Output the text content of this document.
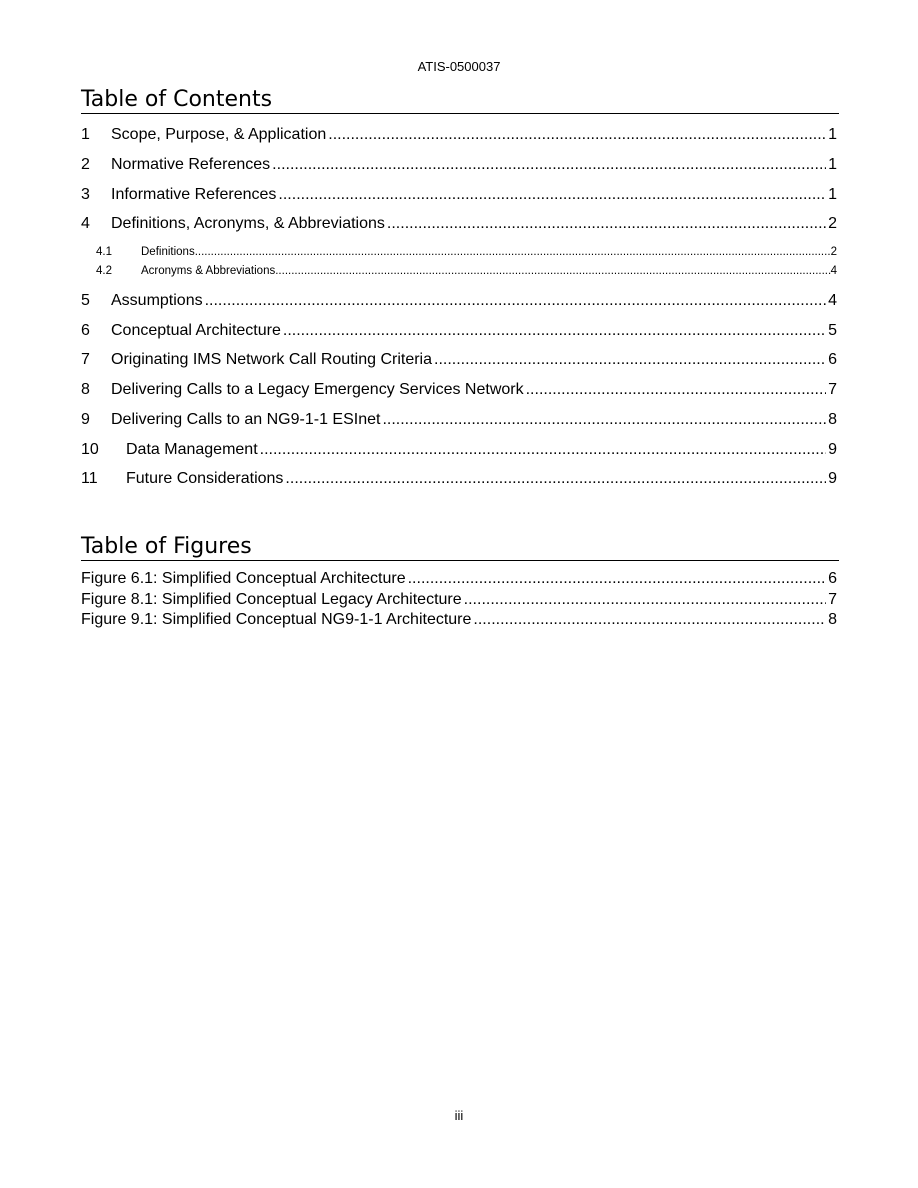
ATIS-0500037
Table of Contents
1	Scope, Purpose, & Application .....	1
2	Normative References .....	1
3	Informative References .....	1
4	Definitions, Acronyms, & Abbreviations .....	2
4.1	Definitions .....	2
4.2	Acronyms & Abbreviations .....	4
5	Assumptions .....	4
6	Conceptual Architecture .....	5
7	Originating IMS Network Call Routing Criteria .....	6
8	Delivering Calls to a Legacy Emergency Services Network .....	7
9	Delivering Calls to an NG9-1-1 ESInet .....	8
10	Data Management .....	9
11	Future Considerations .....	9
Table of Figures
Figure 6.1: Simplified Conceptual Architecture .....	6
Figure 8.1: Simplified Conceptual Legacy Architecture .....	7
Figure 9.1: Simplified Conceptual NG9-1-1 Architecture .....	8
iii
